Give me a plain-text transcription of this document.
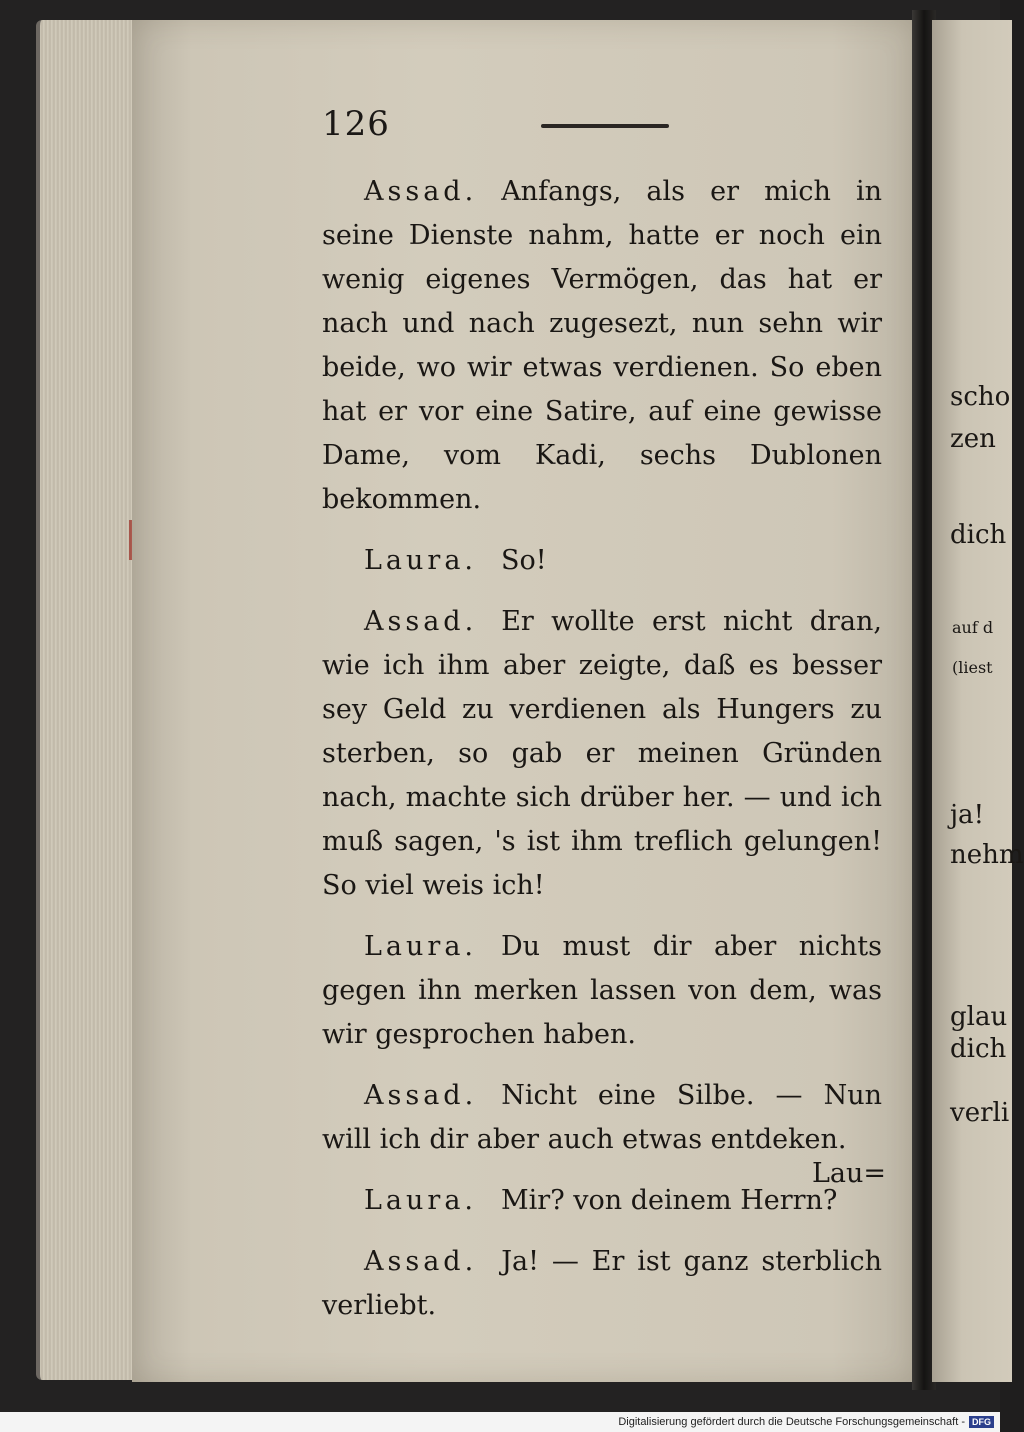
126

Assad. Anfangs, als er mich in seine Dienste nahm, hatte er noch ein wenig eigenes Vermögen, das hat er nach und nach zugesezt, nun sehn wir beide, wo wir etwas verdienen. So eben hat er vor eine Satire, auf eine gewisse Dame, vom Kadi, sechs Dublonen bekommen.

Laura. So!

Assad. Er wollte erst nicht dran, wie ich ihm aber zeigte, daß es besser sey Geld zu verdienen als Hungers zu sterben, so gab er meinen Gründen nach, machte sich drüber her. — und ich muß sagen, 's ist ihm treflich gelungen! So viel weis ich!

Laura. Du must dir aber nichts gegen ihn merken lassen von dem, was wir gesprochen haben.

Assad. Nicht eine Silbe. — Nun will ich dir aber auch etwas entdeken.

Laura. Mir? von deinem Herrn?

Assad. Ja! — Er ist ganz sterblich verliebt.

Lau=
scho
zen
dich
auf d
(liest
ja!
nehm
glau
dich
verli
Digitalisierung gefördert durch die Deutsche Forschungsgemeinschaft - DFG
